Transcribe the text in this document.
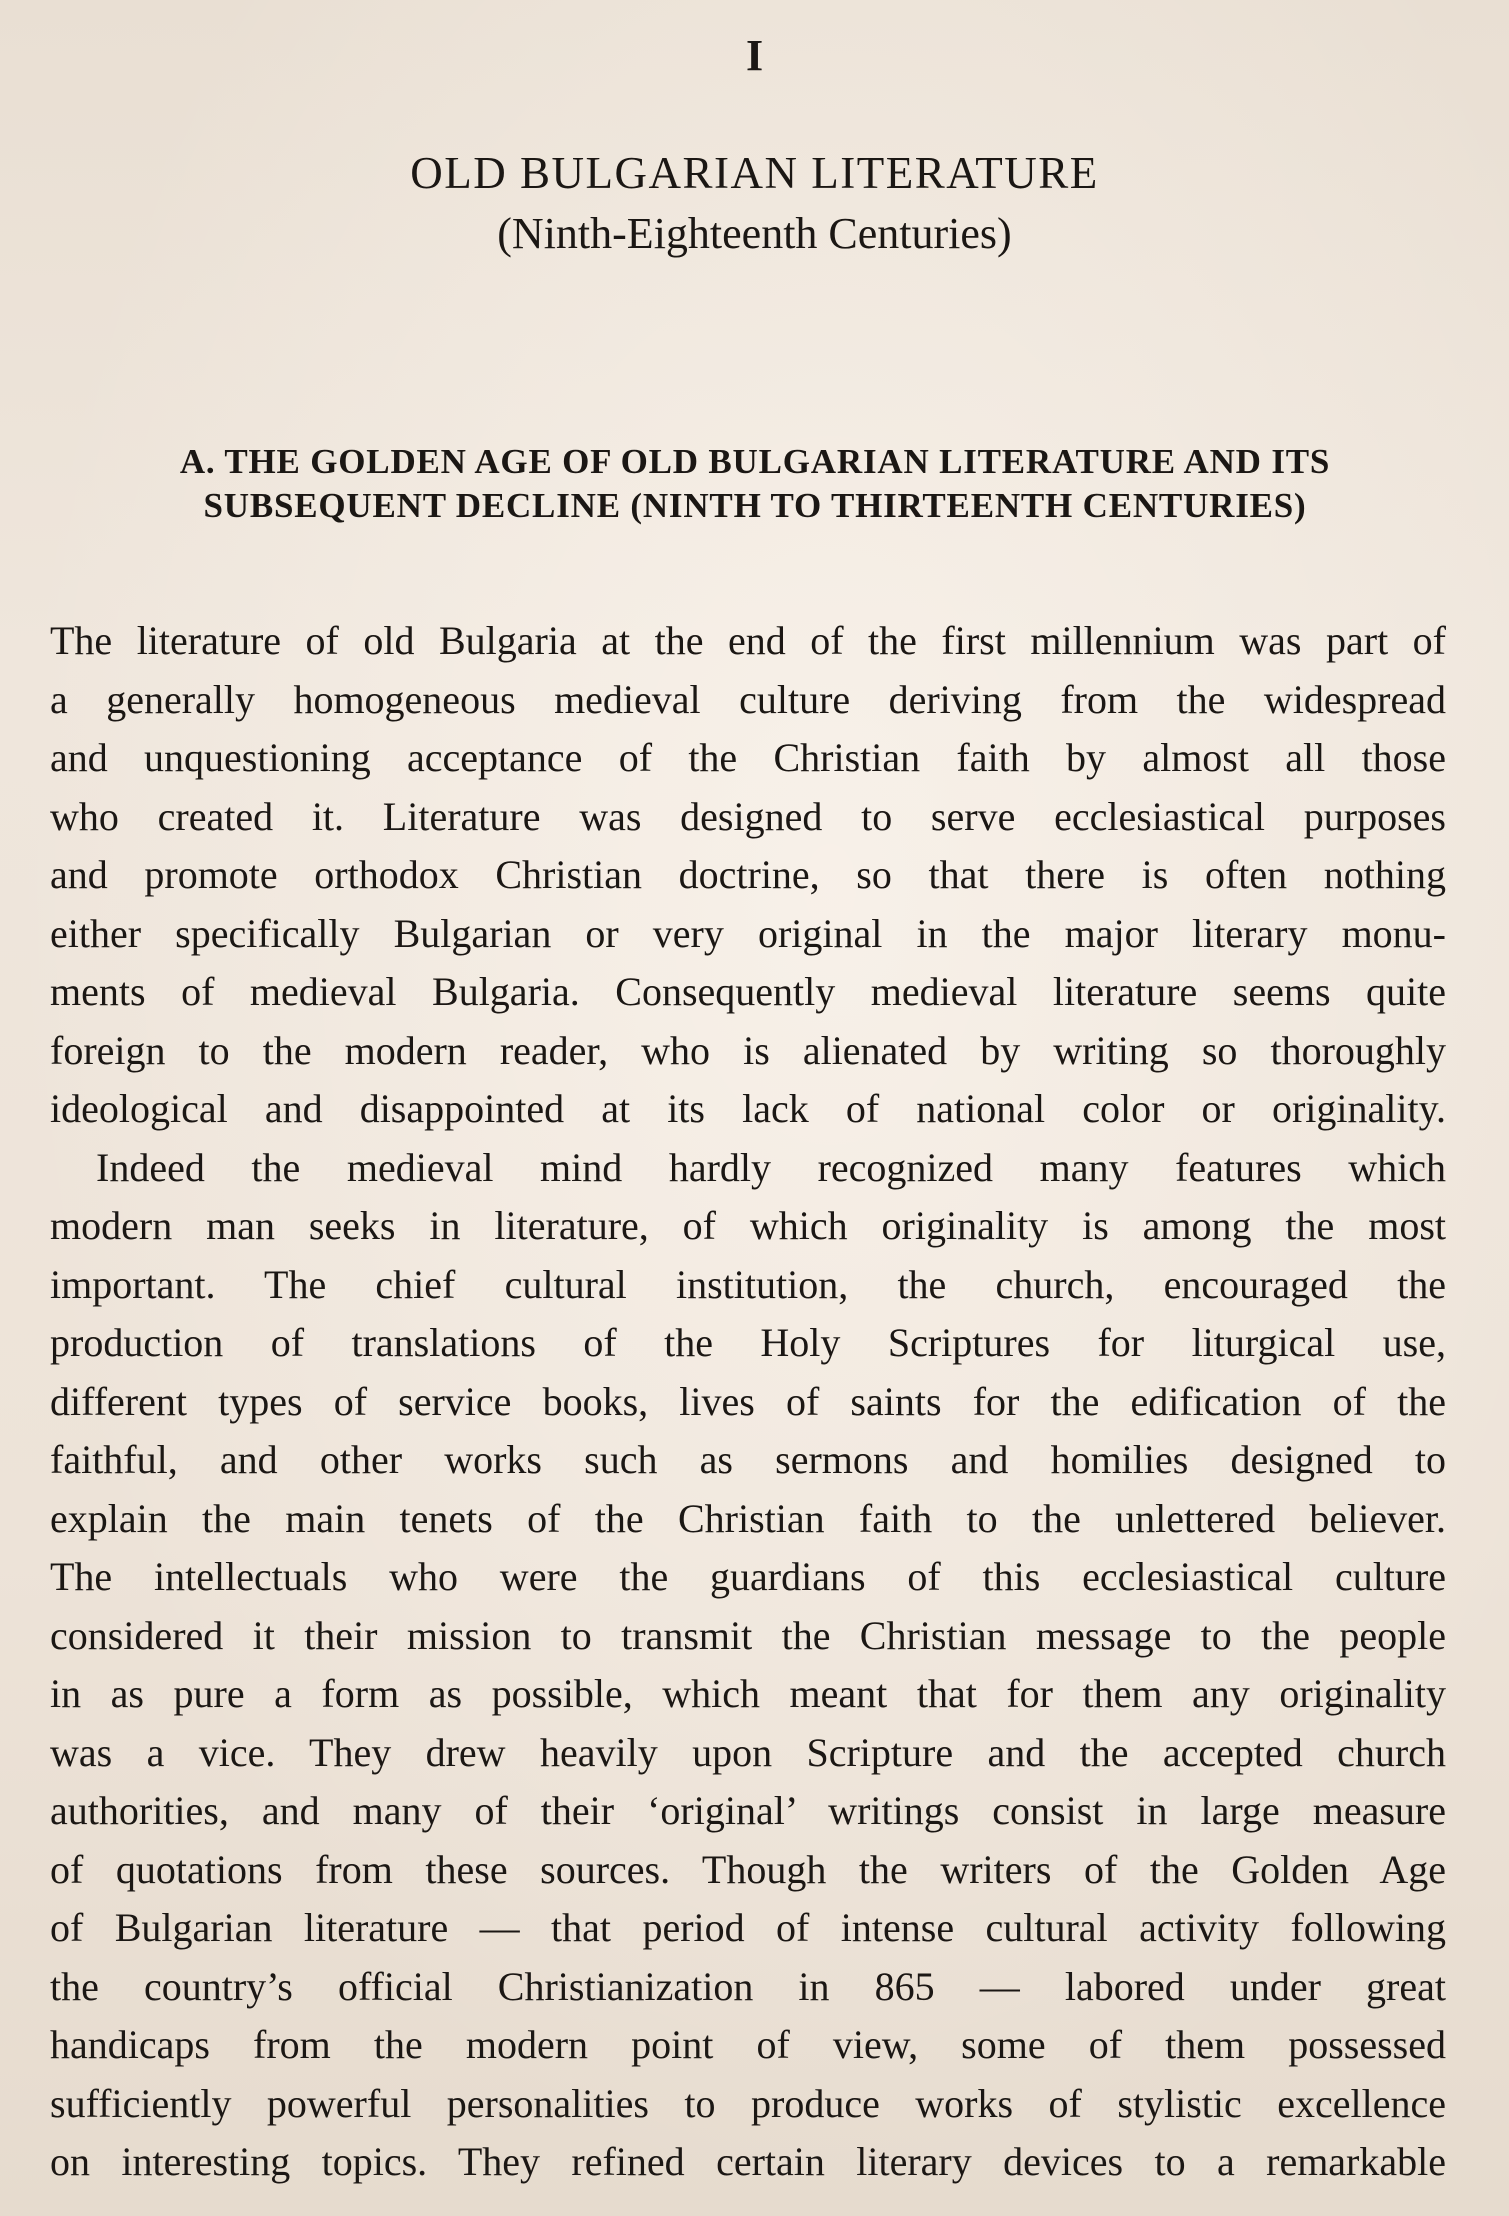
I
OLD BULGARIAN LITERATURE
(Ninth-Eighteenth Centuries)
A. THE GOLDEN AGE OF OLD BULGARIAN LITERATURE AND ITS
SUBSEQUENT DECLINE (NINTH TO THIRTEENTH CENTURIES)
The literature of old Bulgaria at the end of the first millennium was part of
a generally homogeneous medieval culture deriving from the widespread
and unquestioning acceptance of the Christian faith by almost all those
who created it. Literature was designed to serve ecclesiastical purposes
and promote orthodox Christian doctrine, so that there is often nothing
either specifically Bulgarian or very original in the major literary monu-
ments of medieval Bulgaria. Consequently medieval literature seems quite
foreign to the modern reader, who is alienated by writing so thoroughly
ideological and disappointed at its lack of national color or originality.
Indeed the medieval mind hardly recognized many features which
modern man seeks in literature, of which originality is among the most
important. The chief cultural institution, the church, encouraged the
production of translations of the Holy Scriptures for liturgical use,
different types of service books, lives of saints for the edification of the
faithful, and other works such as sermons and homilies designed to
explain the main tenets of the Christian faith to the unlettered believer.
The intellectuals who were the guardians of this ecclesiastical culture
considered it their mission to transmit the Christian message to the people
in as pure a form as possible, which meant that for them any originality
was a vice. They drew heavily upon Scripture and the accepted church
authorities, and many of their ‘original’ writings consist in large measure
of quotations from these sources. Though the writers of the Golden Age
of Bulgarian literature — that period of intense cultural activity following
the country’s official Christianization in 865 — labored under great
handicaps from the modern point of view, some of them possessed
sufficiently powerful personalities to produce works of stylistic excellence
on interesting topics. They refined certain literary devices to a remarkable
